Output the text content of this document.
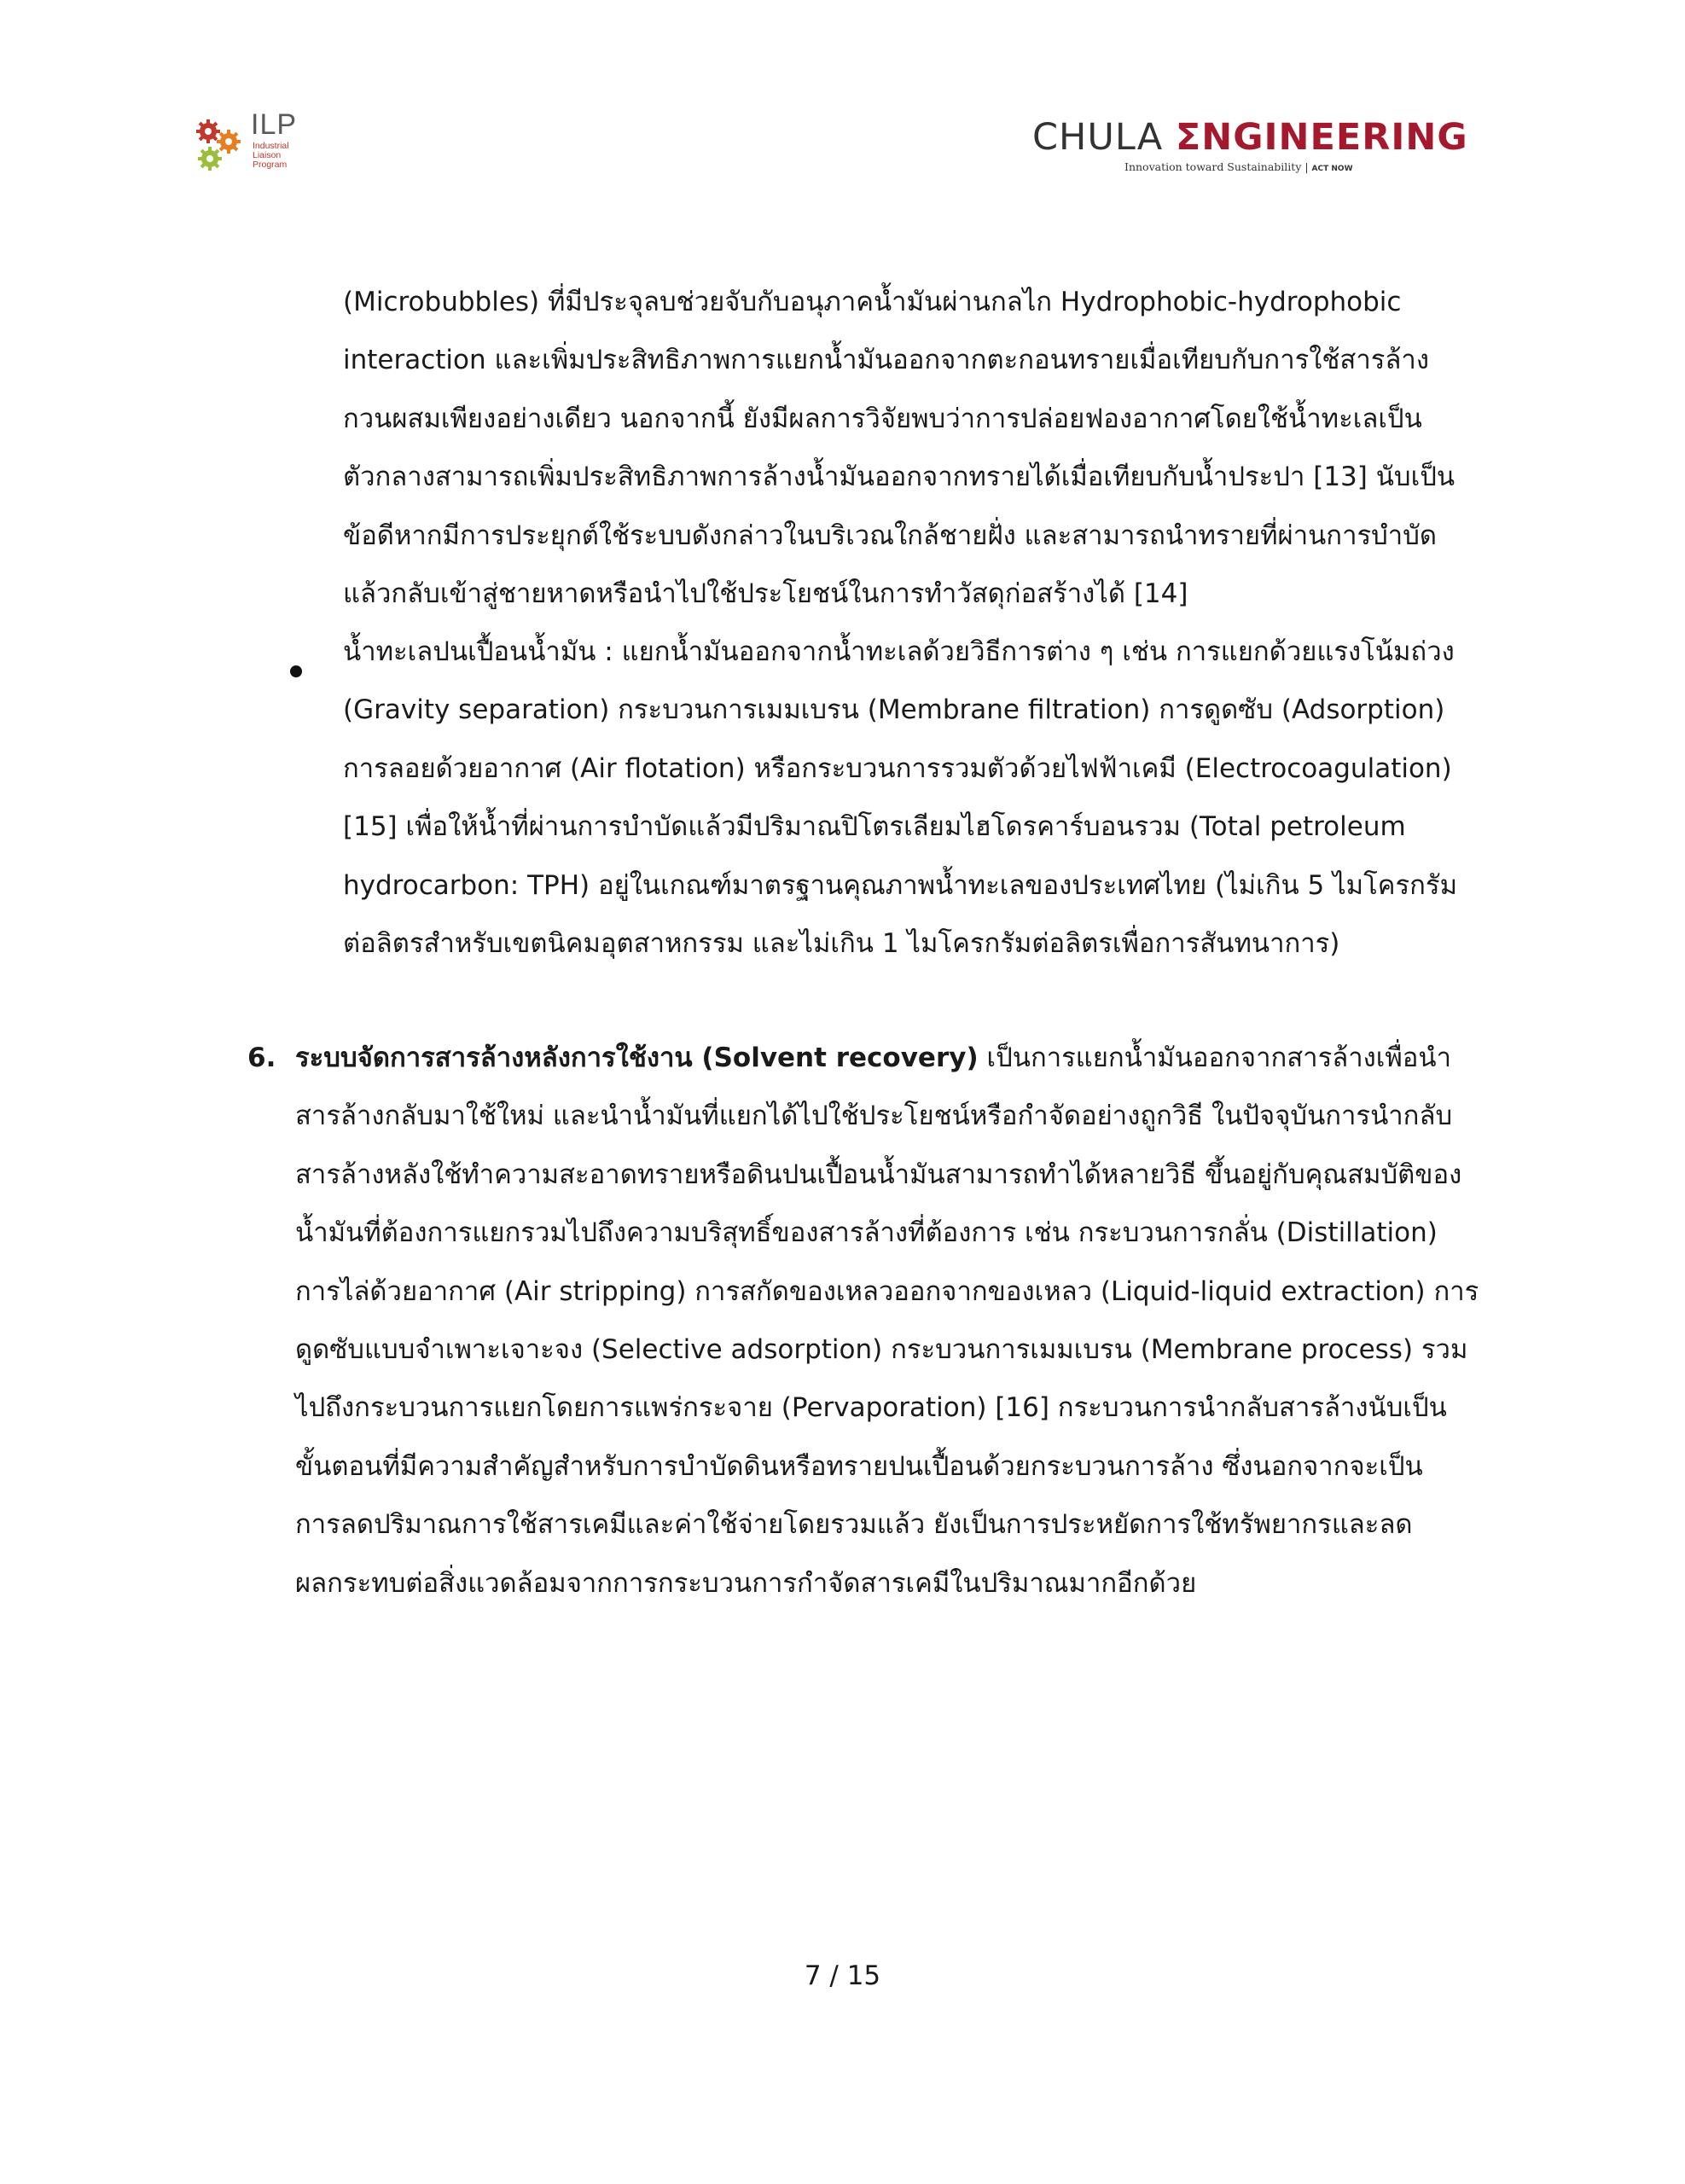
ILP
Industrial
Liaison
Program
CHULA ΣNGINEERING
Innovation toward Sustainability | ACT NOW
(Microbubbles) ที่มีประจุลบช่วยจับกับอนุภาคน้ำมันผ่านกลไก Hydrophobic-hydrophobic
interaction และเพิ่มประสิทธิภาพการแยกน้ำมันออกจากตะกอนทรายเมื่อเทียบกับการใช้สารล้าง
กวนผสมเพียงอย่างเดียว นอกจากนี้ ยังมีผลการวิจัยพบว่าการปล่อยฟองอากาศโดยใช้น้ำทะเลเป็น
ตัวกลางสามารถเพิ่มประสิทธิภาพการล้างน้ำมันออกจากทรายได้เมื่อเทียบกับน้ำประปา [13] นับเป็น
ข้อดีหากมีการประยุกต์ใช้ระบบดังกล่าวในบริเวณใกล้ชายฝั่ง และสามารถนำทรายที่ผ่านการบำบัด
แล้วกลับเข้าสู่ชายหาดหรือนำไปใช้ประโยชน์ในการทำวัสดุก่อสร้างได้ [14]
น้ำทะเลปนเปื้อนน้ำมัน : แยกน้ำมันออกจากน้ำทะเลด้วยวิธีการต่าง ๆ เช่น การแยกด้วยแรงโน้มถ่วง
(Gravity separation) กระบวนการเมมเบรน (Membrane filtration) การดูดซับ (Adsorption)
การลอยด้วยอากาศ (Air flotation) หรือกระบวนการรวมตัวด้วยไฟฟ้าเคมี (Electrocoagulation)
[15] เพื่อให้น้ำที่ผ่านการบำบัดแล้วมีปริมาณปิโตรเลียมไฮโดรคาร์บอนรวม (Total petroleum
hydrocarbon: TPH) อยู่ในเกณฑ์มาตรฐานคุณภาพน้ำทะเลของประเทศไทย (ไม่เกิน 5 ไมโครกรัม
ต่อลิตรสำหรับเขตนิคมอุตสาหกรรม และไม่เกิน 1 ไมโครกรัมต่อลิตรเพื่อการสันทนาการ)
6. ระบบจัดการสารล้างหลังการใช้งาน (Solvent recovery) เป็นการแยกน้ำมันออกจากสารล้างเพื่อนำ
สารล้างกลับมาใช้ใหม่ และนำน้ำมันที่แยกได้ไปใช้ประโยชน์หรือกำจัดอย่างถูกวิธี ในปัจจุบันการนำกลับ
สารล้างหลังใช้ทำความสะอาดทรายหรือดินปนเปื้อนน้ำมันสามารถทำได้หลายวิธี ขึ้นอยู่กับคุณสมบัติของ
น้ำมันที่ต้องการแยกรวมไปถึงความบริสุทธิ์ของสารล้างที่ต้องการ เช่น กระบวนการกลั่น (Distillation)
การไล่ด้วยอากาศ (Air stripping) การสกัดของเหลวออกจากของเหลว (Liquid-liquid extraction) การ
ดูดซับแบบจำเพาะเจาะจง (Selective adsorption) กระบวนการเมมเบรน (Membrane process) รวม
ไปถึงกระบวนการแยกโดยการแพร่กระจาย (Pervaporation) [16] กระบวนการนำกลับสารล้างนับเป็น
ขั้นตอนที่มีความสำคัญสำหรับการบำบัดดินหรือทรายปนเปื้อนด้วยกระบวนการล้าง ซึ่งนอกจากจะเป็น
การลดปริมาณการใช้สารเคมีและค่าใช้จ่ายโดยรวมแล้ว ยังเป็นการประหยัดการใช้ทรัพยากรและลด
ผลกระทบต่อสิ่งแวดล้อมจากการกระบวนการกำจัดสารเคมีในปริมาณมากอีกด้วย
7 / 15
